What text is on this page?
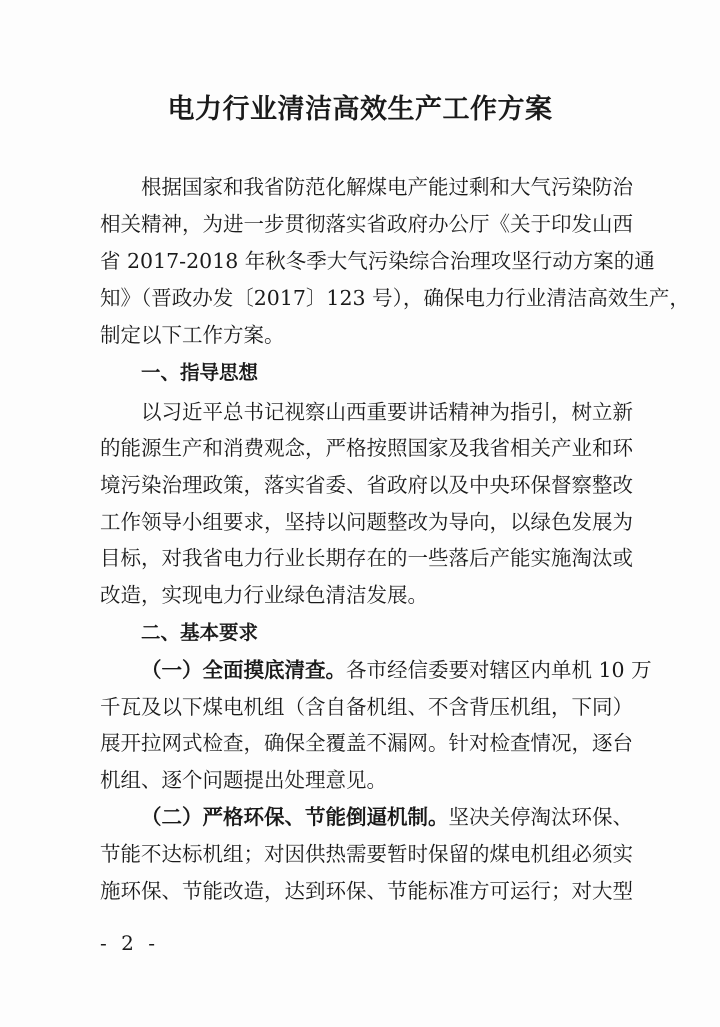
电力行业清洁高效生产工作方案
根据国家和我省防范化解煤电产能过剩和大气污染防治
相关精神，为进一步贯彻落实省政府办公厅《关于印发山西
省 2017-2018 年秋冬季大气污染综合治理攻坚行动方案的通
知》（晋政办发〔2017〕123 号），确保电力行业清洁高效生产，
制定以下工作方案。
一、指导思想
以习近平总书记视察山西重要讲话精神为指引，树立新
的能源生产和消费观念，严格按照国家及我省相关产业和环
境污染治理政策，落实省委、省政府以及中央环保督察整改
工作领导小组要求，坚持以问题整改为导向，以绿色发展为
目标，对我省电力行业长期存在的一些落后产能实施淘汰或
改造，实现电力行业绿色清洁发展。
二、基本要求
（一）全面摸底清查。各市经信委要对辖区内单机 10 万
千瓦及以下煤电机组（含自备机组、不含背压机组，下同）
展开拉网式检查，确保全覆盖不漏网。针对检查情况，逐台
机组、逐个问题提出处理意见。
（二）严格环保、节能倒逼机制。坚决关停淘汰环保、
节能不达标机组；对因供热需要暂时保留的煤电机组必须实
施环保、节能改造，达到环保、节能标准方可运行；对大型
- 2 -
